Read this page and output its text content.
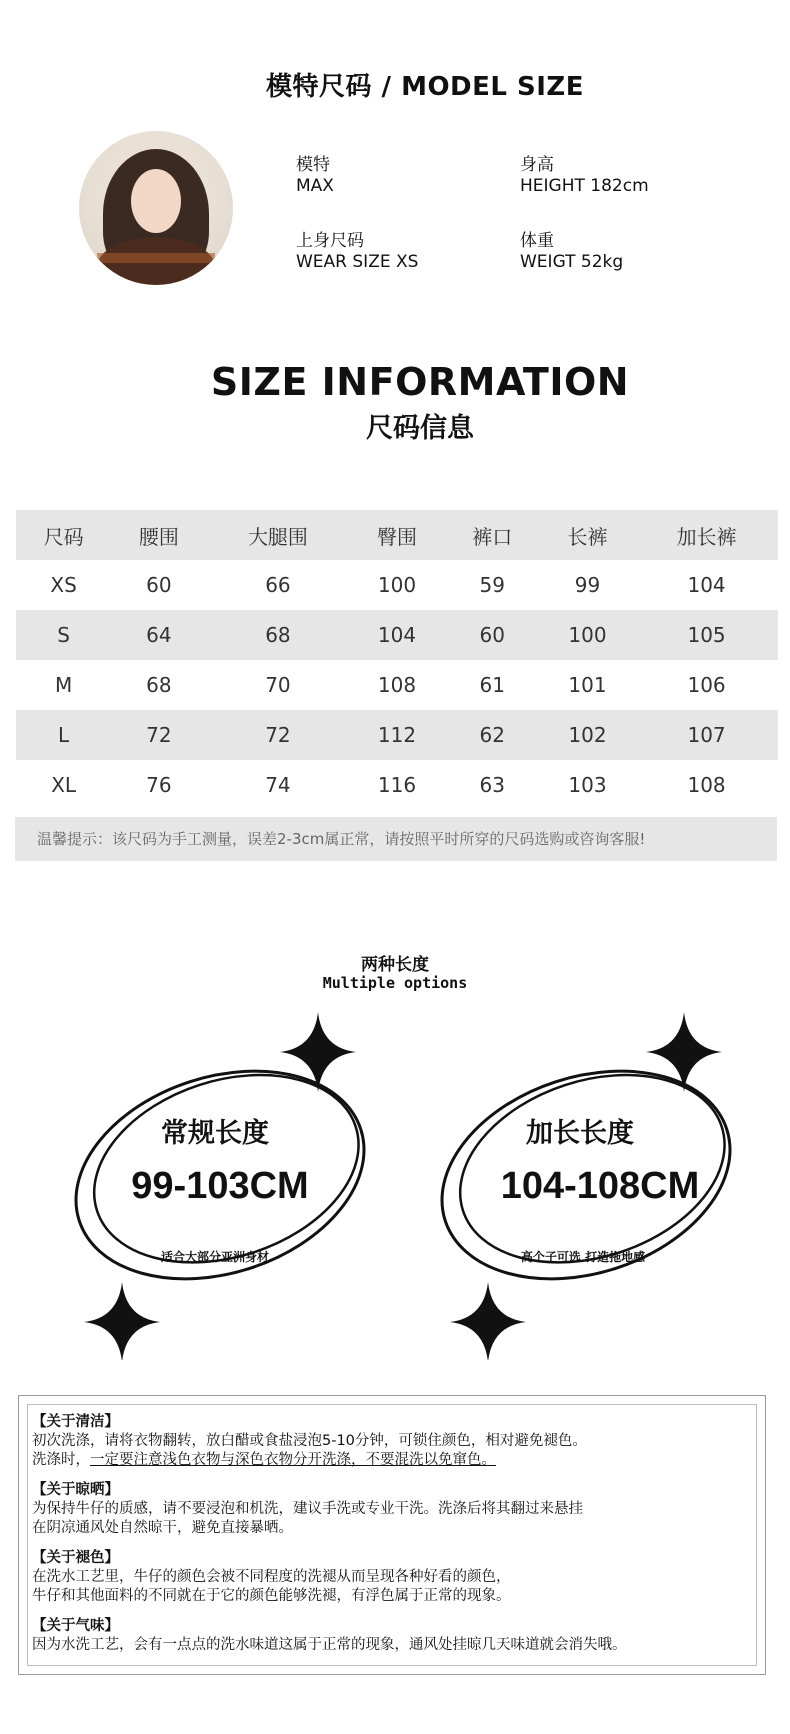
模特尺码 / MODEL SIZE
模特
MAX
身高
HEIGHT 182cm
上身尺码
WEAR SIZE XS
体重
WEIGT 52kg
SIZE INFORMATION
尺码信息
尺码	腰围	大腿围	臀围	裤口	长裤	加长裤
XS	60	66	100	59	99	104
S	64	68	104	60	100	105
M	68	70	108	61	101	106
L	72	72	112	62	102	107
XL	76	74	116	63	103	108
温馨提示：该尺码为手工测量，误差2-3cm属正常，请按照平时所穿的尺码选购或咨询客服!
两种长度
Multiple options
常规长度
99-103CM
适合大部分亚洲身材
加长长度
104-108CM
高个子可选 打造拖地感
【关于清洁】
初次洗涤，请将衣物翻转，放白醋或食盐浸泡5-10分钟，可锁住颜色，相对避免褪色。
洗涤时，一定要注意浅色衣物与深色衣物分开洗涤，不要混洗以免窜色。
【关于晾晒】
为保持牛仔的质感，请不要浸泡和机洗，建议手洗或专业干洗。洗涤后将其翻过来悬挂
在阴凉通风处自然晾干，避免直接暴晒。
【关于褪色】
在洗水工艺里，牛仔的颜色会被不同程度的洗褪从而呈现各种好看的颜色，
牛仔和其他面料的不同就在于它的颜色能够洗褪，有浮色属于正常的现象。
【关于气味】
因为水洗工艺，会有一点点的洗水味道这属于正常的现象，通风处挂晾几天味道就会消失哦。
